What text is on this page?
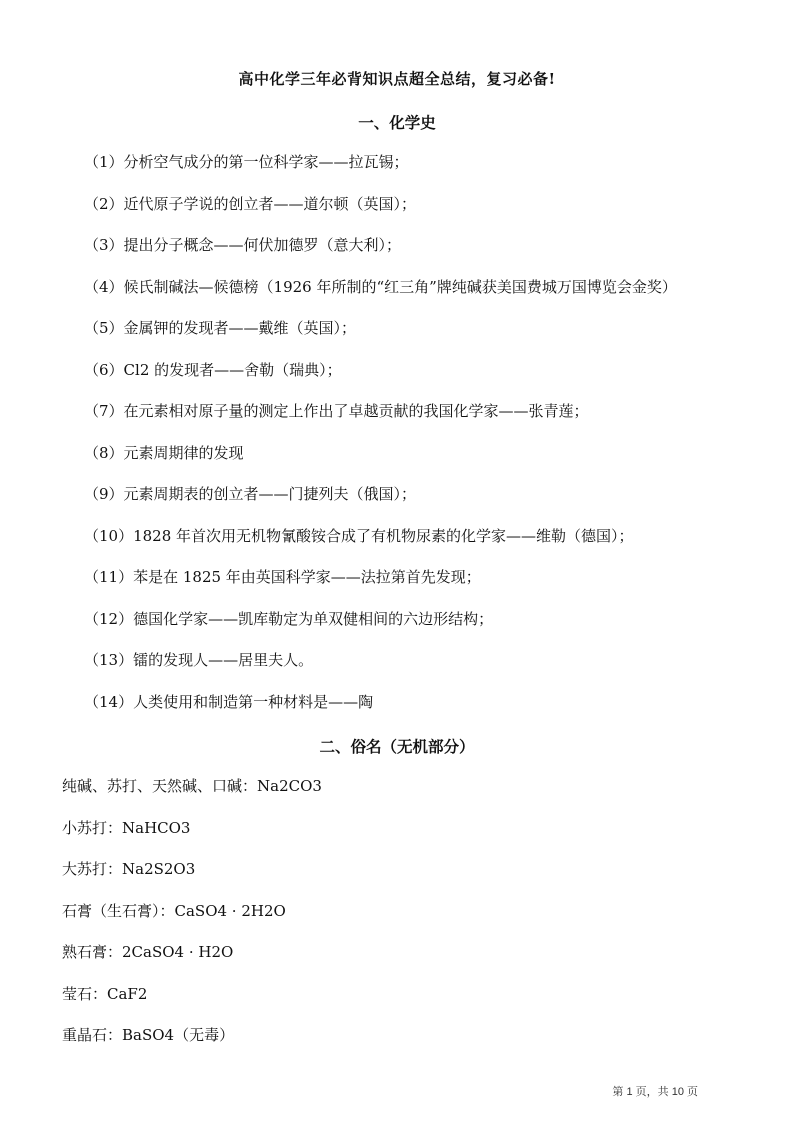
高中化学三年必背知识点超全总结，复习必备!
一、化学史
（1）分析空气成分的第一位科学家——拉瓦锡；
（2）近代原子学说的创立者——道尔顿（英国）；
（3）提出分子概念——何伏加德罗（意大利）；
（4）候氏制碱法—候德榜（1926 年所制的“红三角”牌纯碱获美国费城万国博览会金奖）
（5）金属钾的发现者——戴维（英国）；
（6）Cl2 的发现者——舍勒（瑞典）；
（7）在元素相对原子量的测定上作出了卓越贡献的我国化学家——张青莲；
（8）元素周期律的发现
（9）元素周期表的创立者——门捷列夫（俄国）；
（10）1828 年首次用无机物氰酸铵合成了有机物尿素的化学家——维勒（德国）；
（11）苯是在 1825 年由英国科学家——法拉第首先发现；
（12）德国化学家——凯库勒定为单双健相间的六边形结构；
（13）镭的发现人——居里夫人。
（14）人类使用和制造第一种材料是——陶
二、俗名（无机部分）
纯碱、苏打、天然碱、口碱：Na2CO3
小苏打：NaHCO3
大苏打：Na2S2O3
石膏（生石膏）：CaSO4 · 2H2O
熟石膏：2CaSO4 · H2O
莹石：CaF2
重晶石：BaSO4（无毒）
第 1 页，共 10 页
